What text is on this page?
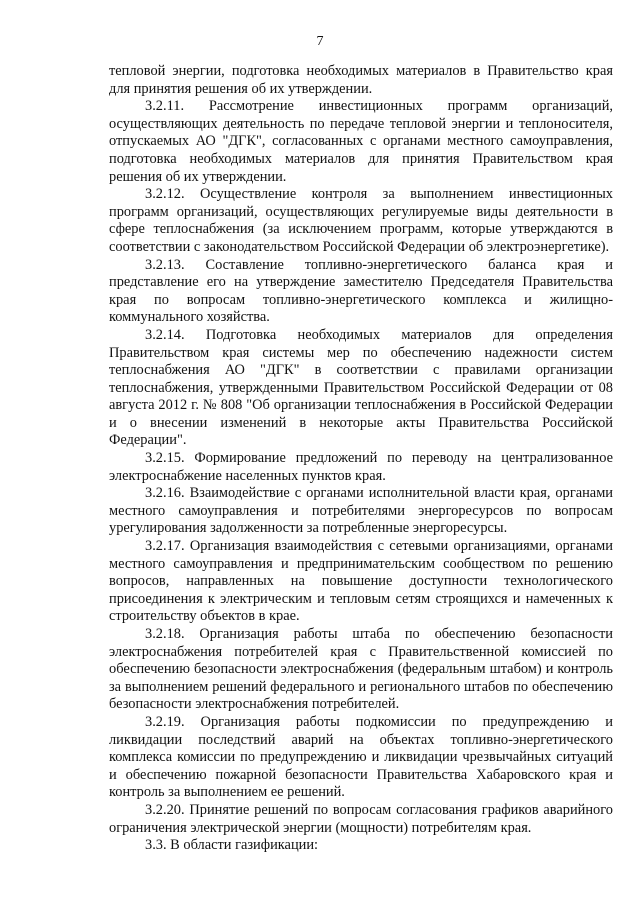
7

тепловой энергии, подготовка необходимых материалов в Правительство края для принятия решения об их утверждении.

3.2.11. Рассмотрение инвестиционных программ организаций, осуществляющих деятельность по передаче тепловой энергии и теплоносителя, отпускаемых АО "ДГК", согласованных с органами местного самоуправления, подготовка необходимых материалов для принятия Правительством края решения об их утверждении.

3.2.12. Осуществление контроля за выполнением инвестиционных программ организаций, осуществляющих регулируемые виды деятельности в сфере теплоснабжения (за исключением программ, которые утверждаются в соответствии с законодательством Российской Федерации об электроэнергетике).

3.2.13. Составление топливно-энергетического баланса края и представление его на утверждение заместителю Председателя Правительства края по вопросам топливно-энергетического комплекса и жилищно-коммунального хозяйства.

3.2.14. Подготовка необходимых материалов для определения Правительством края системы мер по обеспечению надежности систем теплоснабжения АО "ДГК" в соответствии с правилами организации теплоснабжения, утвержденными Правительством Российской Федерации от 08 августа 2012 г. № 808 "Об организации теплоснабжения в Российской Федерации и о внесении изменений в некоторые акты Правительства Российской Федерации".

3.2.15. Формирование предложений по переводу на централизованное электроснабжение населенных пунктов края.

3.2.16. Взаимодействие с органами исполнительной власти края, органами местного самоуправления и потребителями энергоресурсов по вопросам урегулирования задолженности за потребленные энергоресурсы.

3.2.17. Организация взаимодействия с сетевыми организациями, органами местного самоуправления и предпринимательским сообществом по решению вопросов, направленных на повышение доступности технологического присоединения к электрическим и тепловым сетям строящихся и намеченных к строительству объектов в крае.

3.2.18. Организация работы штаба по обеспечению безопасности электроснабжения потребителей края с Правительственной комиссией по обеспечению безопасности электроснабжения (федеральным штабом) и контроль за выполнением решений федерального и регионального штабов по обеспечению безопасности электроснабжения потребителей.

3.2.19. Организация работы подкомиссии по предупреждению и ликвидации последствий аварий на объектах топливно-энергетического комплекса комиссии по предупреждению и ликвидации чрезвычайных ситуаций и обеспечению пожарной безопасности Правительства Хабаровского края и контроль за выполнением ее решений.

3.2.20. Принятие решений по вопросам согласования графиков аварийного ограничения электрической энергии (мощности) потребителям края.

3.3. В области газификации:
